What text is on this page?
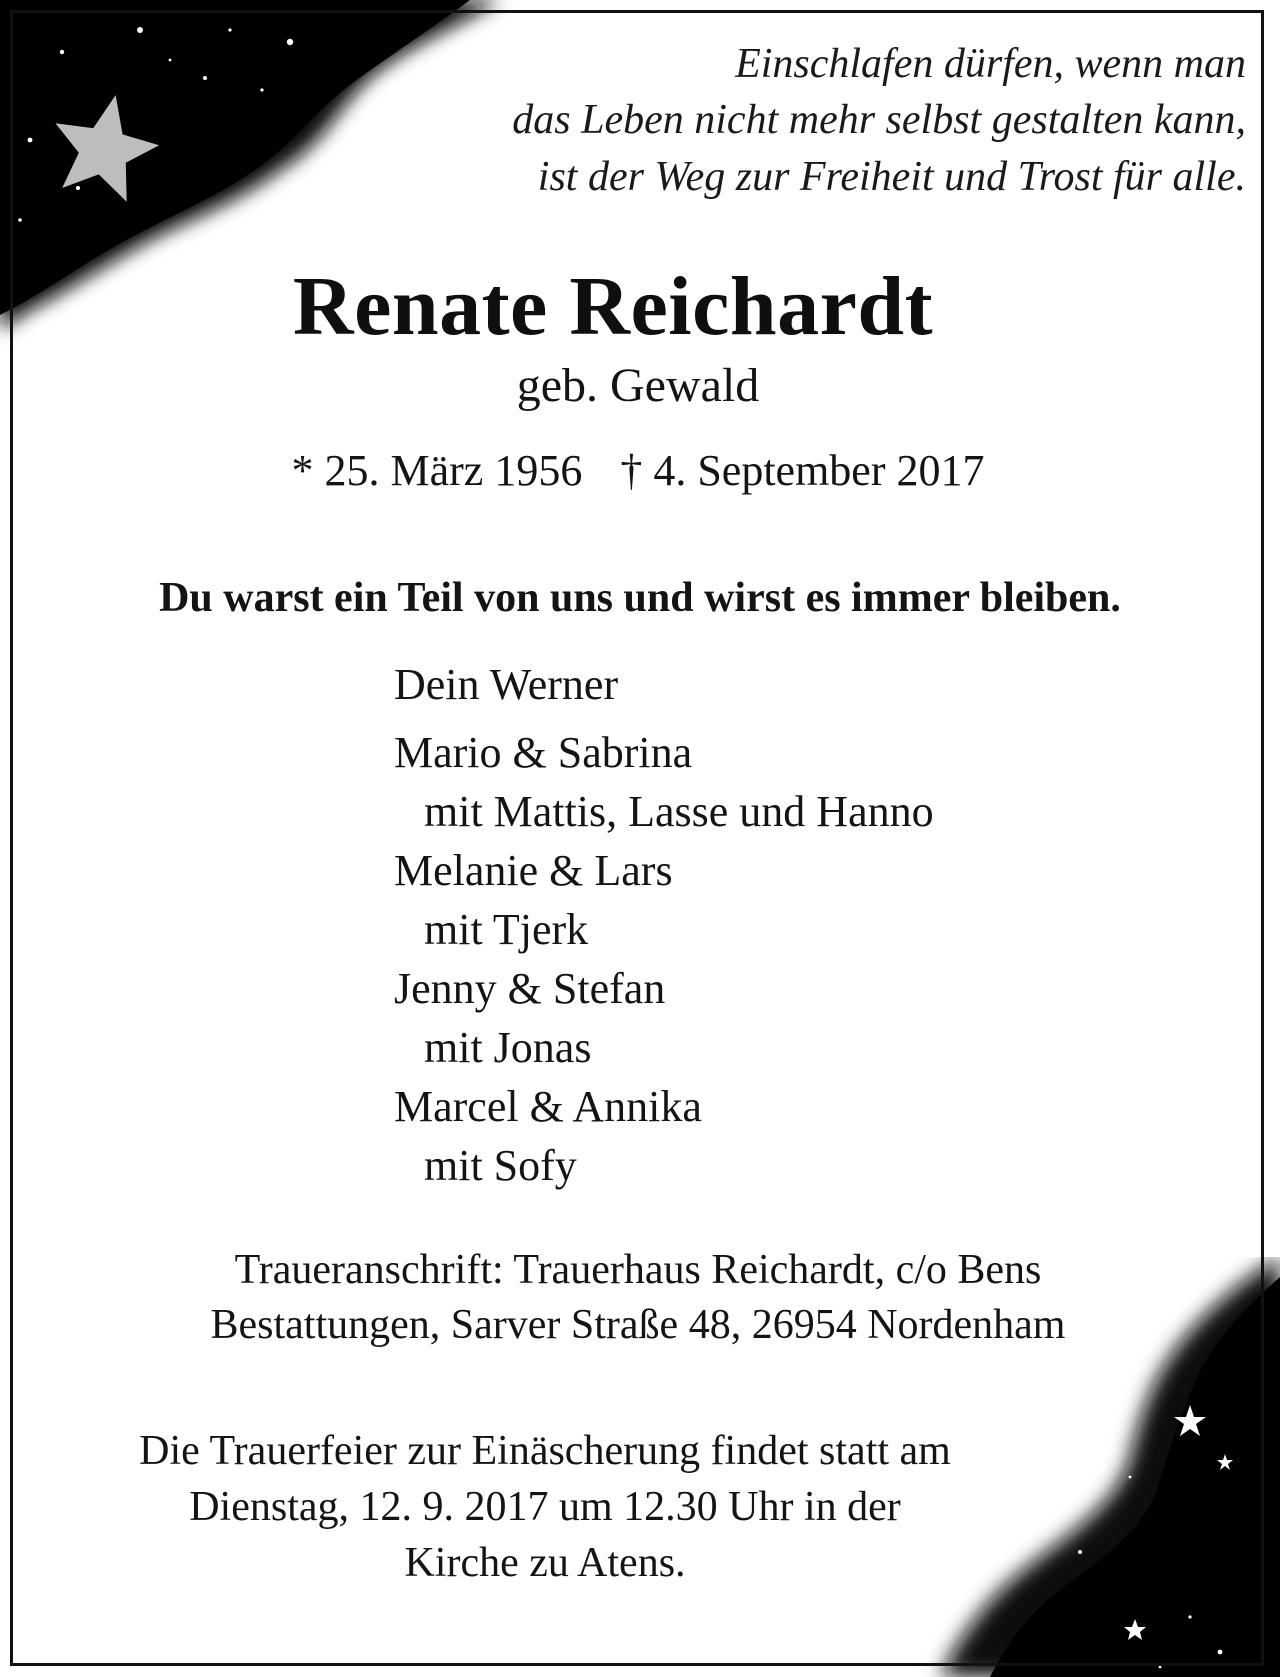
Einschlafen dürfen, wenn man

das Leben nicht mehr selbst gestalten kann,

ist der Weg zur Freiheit und Trost für alle.

Renate Reichardt

geb. Gewald

* 25. März 1956 † 4. September 2017

Du warst ein Teil von uns und wirst es immer bleiben.

Dein Werner
Mario & Sabrina
mit Mattis, Lasse und Hanno
Melanie & Lars
mit Tjerk
Jenny & Stefan
mit Jonas
Marcel & Annika
mit Sofy

Traueranschrift: Trauerhaus Reichardt, c/o Bens
Bestattungen, Sarver Straße 48, 26954 Nordenham

Die Trauerfeier zur Einäscherung findet statt am
Dienstag, 12. 9. 2017 um 12.30 Uhr in der
Kirche zu Atens.
